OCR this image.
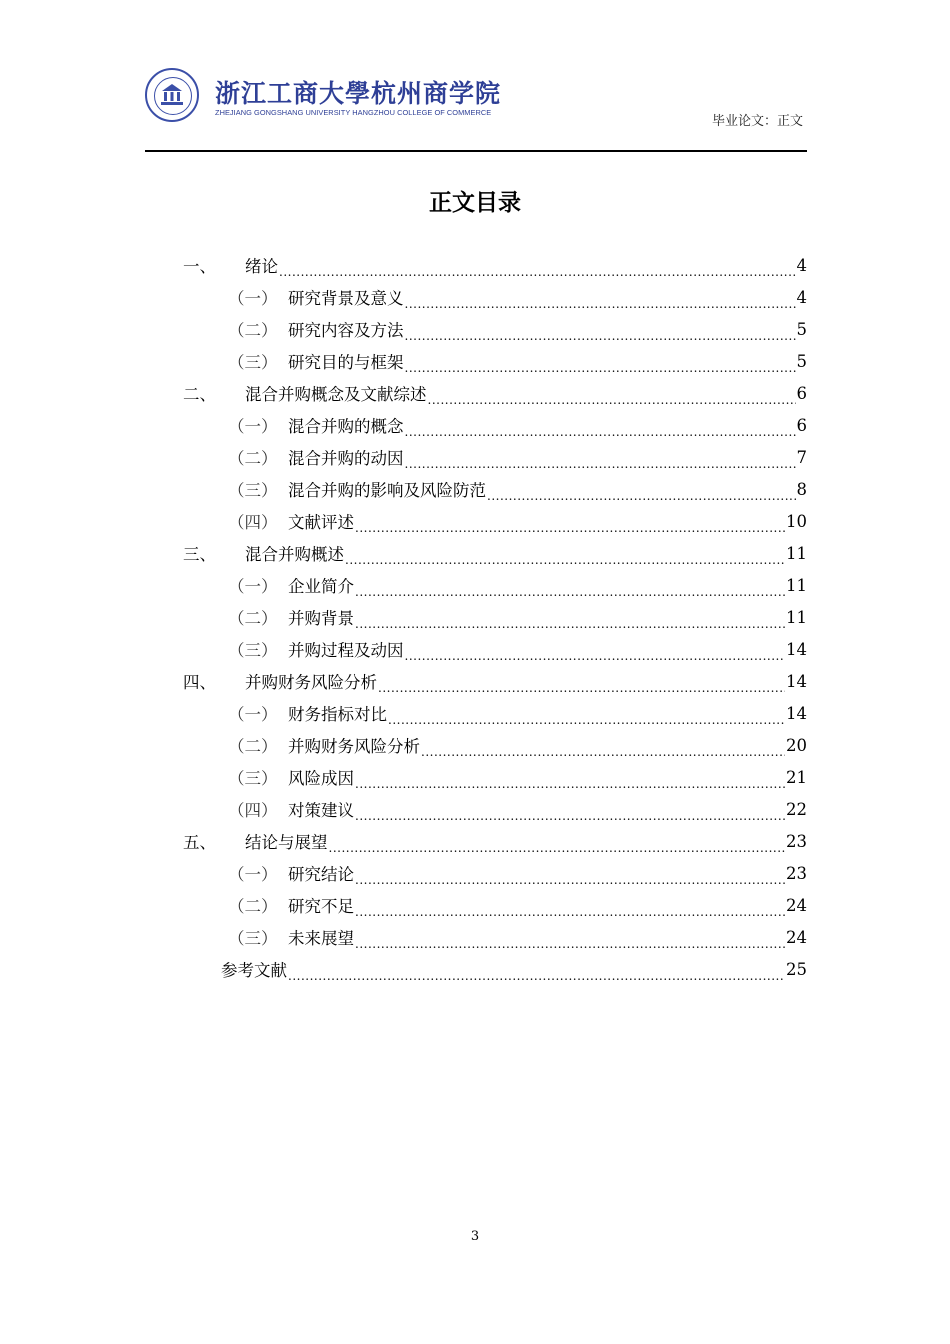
浙江工商大學杭州商学院
ZHEJIANG GONGSHANG UNIVERSITY HANGZHOU COLLEGE OF COMMERCE
毕业论文：正文
正文目录
一、	绪论 .....	4
（一） 研究背景及意义 .....	4
（二） 研究内容及方法 .....	5
（三） 研究目的与框架 .....	5
二、	混合并购概念及文献综述 .....	6
（一） 混合并购的概念 .....	6
（二） 混合并购的动因 .....	7
（三） 混合并购的影响及风险防范 .....	8
（四） 文献评述 .....	10
三、	混合并购概述 .....	11
（一） 企业简介 .....	11
（二） 并购背景 .....	11
（三） 并购过程及动因 .....	14
四、	并购财务风险分析 .....	14
（一） 财务指标对比 .....	14
（二） 并购财务风险分析 .....	20
（三） 风险成因 .....	21
（四） 对策建议 .....	22
五、	结论与展望 .....	23
（一） 研究结论 .....	23
（二） 研究不足 .....	24
（三） 未来展望 .....	24
参考文献 .....	25
3
